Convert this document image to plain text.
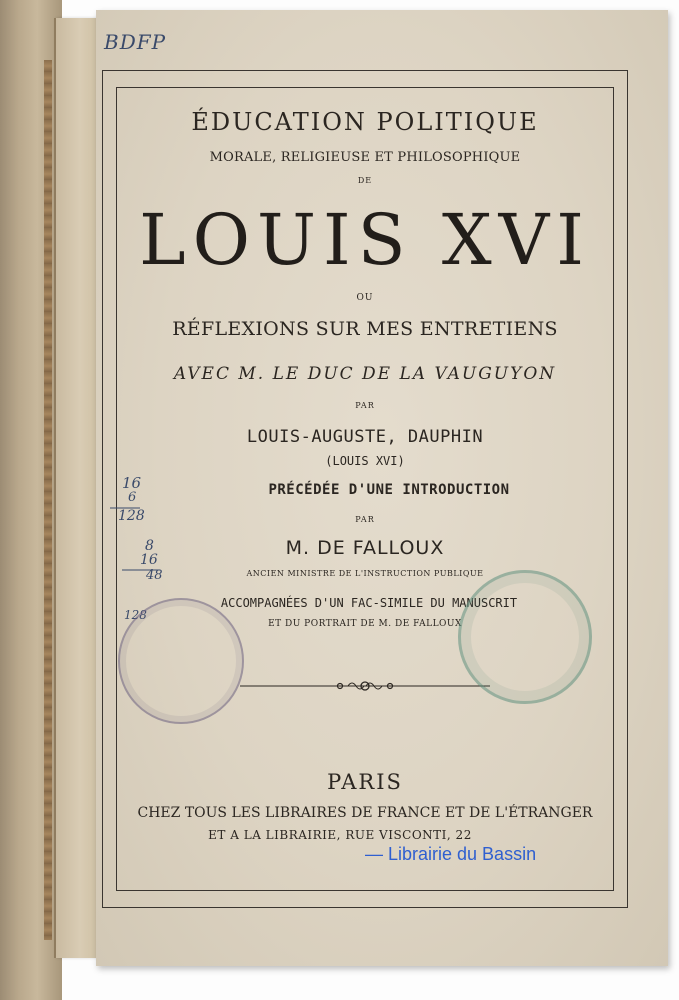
BDFP
ÉDUCATION POLITIQUE
MORALE, RELIGIEUSE ET PHILOSOPHIQUE
DE
LOUIS XVI
OU
RÉFLEXIONS SUR MES ENTRETIENS
AVEC M. LE DUC DE LA VAUGUYON
PAR
LOUIS-AUGUSTE, DAUPHIN
(LOUIS XVI)
PRÉCÉDÉE D'UNE INTRODUCTION
PAR
M. DE FALLOUX
ANCIEN MINISTRE DE L'INSTRUCTION PUBLIQUE
ACCOMPAGNÉES D'UN FAC-SIMILE DU MANUSCRIT
ET DU PORTRAIT DE M. DE FALLOUX
PARIS
CHEZ TOUS LES LIBRAIRES DE FRANCE ET DE L'ÉTRANGER
ET A LA LIBRAIRIE, RUE VISCONTI, 22
16
6
128
8
16
48
128
— Librairie du Bassin
